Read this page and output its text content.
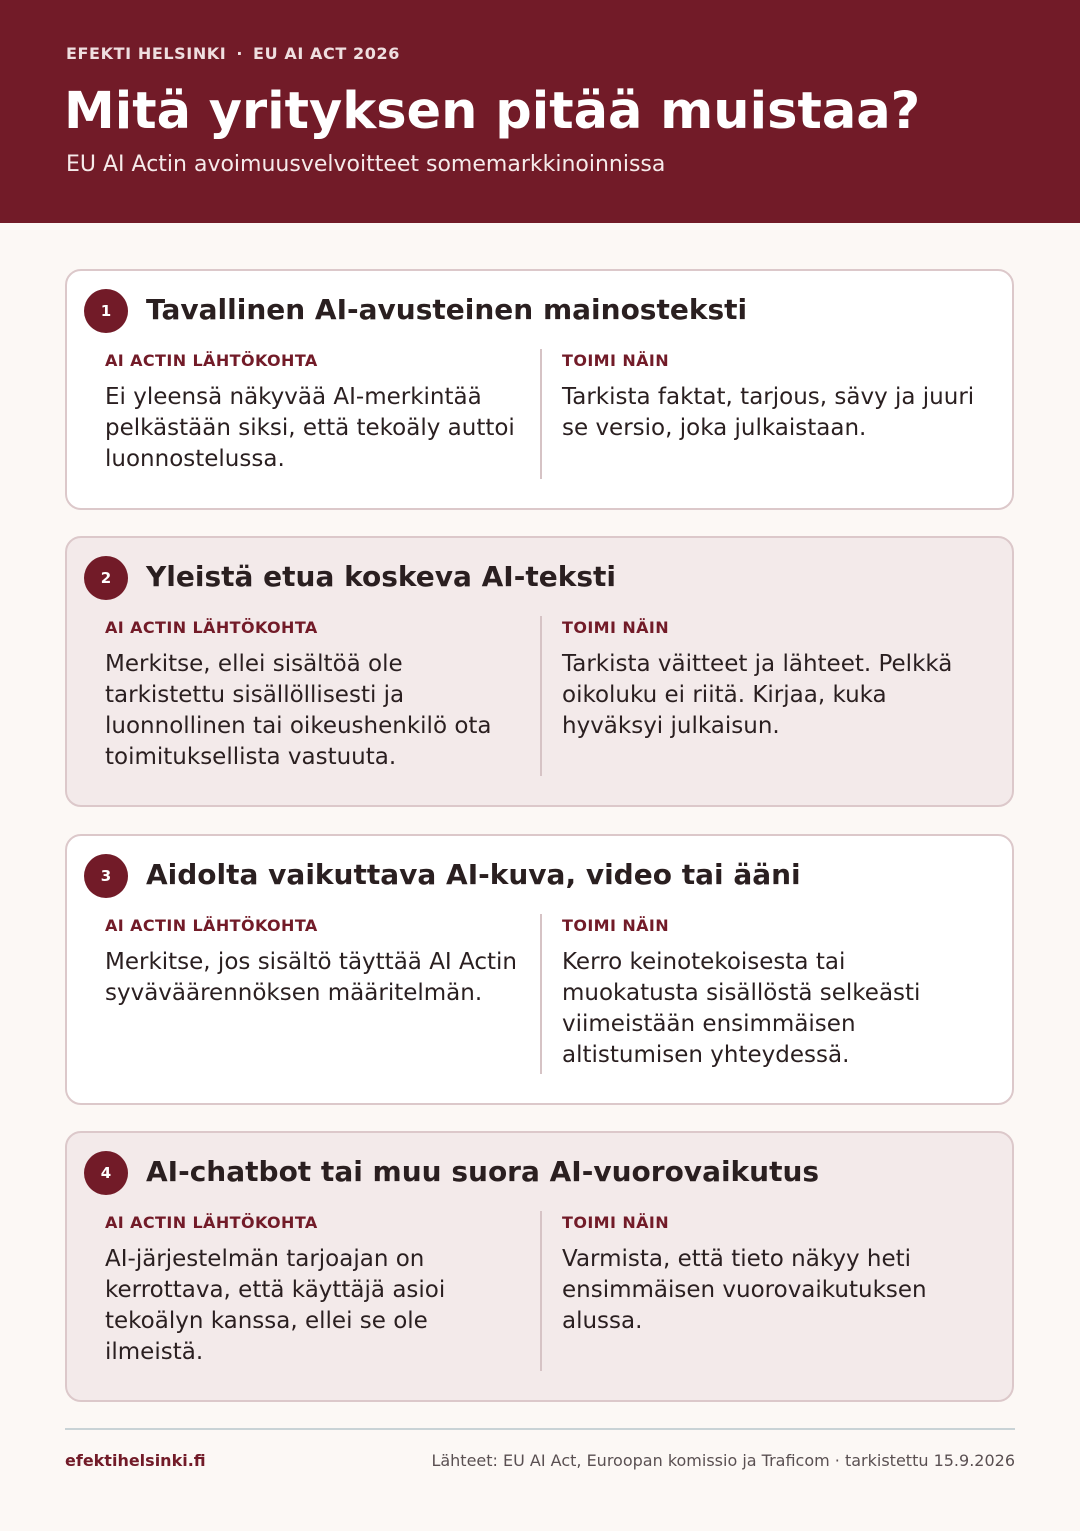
EFEKTI HELSINKI · EU AI ACT 2026
Mitä yrityksen pitää muistaa?
EU AI Actin avoimuusvelvoitteet somemarkkinoinnissa
1	Tavallinen AI-avusteinen mainosteksti
AI ACTIN LÄHTÖKOHTA
Ei yleensä näkyvää AI-merkintää pelkästään siksi, että tekoäly auttoi luonnostelussa.
TOIMI NÄIN
Tarkista faktat, tarjous, sävy ja juuri se versio, joka julkaistaan.
2	Yleistä etua koskeva AI-teksti
AI ACTIN LÄHTÖKOHTA
Merkitse, ellei sisältöä ole tarkistettu sisällöllisesti ja luonnollinen tai oikeushenkilö ota toimituksellista vastuuta.
TOIMI NÄIN
Tarkista väitteet ja lähteet. Pelkkä oikoluku ei riitä. Kirjaa, kuka hyväksyi julkaisun.
3	Aidolta vaikuttava AI-kuva, video tai ääni
AI ACTIN LÄHTÖKOHTA
Merkitse, jos sisältö täyttää AI Actin syväväärennöksen määritelmän.
TOIMI NÄIN
Kerro keinotekoisesta tai muokatusta sisällöstä selkeästi viimeistään ensimmäisen altistumisen yhteydessä.
4	AI-chatbot tai muu suora AI-vuorovaikutus
AI ACTIN LÄHTÖKOHTA
AI-järjestelmän tarjoajan on kerrottava, että käyttäjä asioi tekoälyn kanssa, ellei se ole ilmeistä.
TOIMI NÄIN
Varmista, että tieto näkyy heti ensimmäisen vuorovaikutuksen alussa.
efektihelsinki.fi	Lähteet: EU AI Act, Euroopan komissio ja Traficom · tarkistettu 15.9.2026
